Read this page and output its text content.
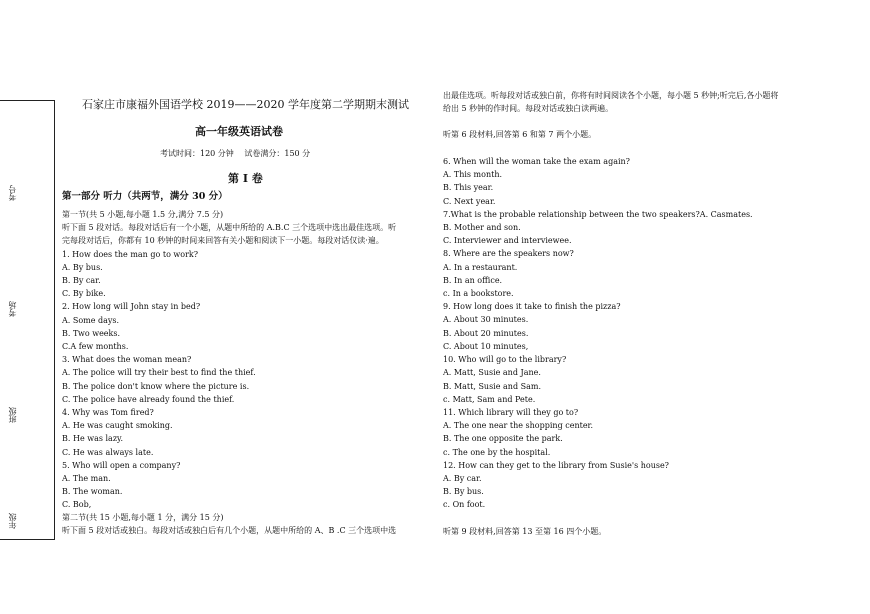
考号
考场
班级
年级
石家庄市康福外国语学校 2019——2020 学年度第二学期期末测试
高一年级英语试卷
考试时间：120 分钟　 试卷满分：150 分
第 I 卷
第一部分 听力（共两节，满分 30 分）
第一节(共 5 小题,每小题 1.5 分,满分 7.5 分)
听下面 5 段对话。每段对话后有一个小题，从题中所给的 A.B.C 三个选项中选出最佳选项。听
完每段对话后，你都有 10 秒钟的时间来回答有关小题和阅读下一小题。每段对话仅读·遍。
1. How does the man go to work?
A. By bus.
B. By car.
C. By bike.
2. How long will John stay in bed?
A. Some days.
B. Two weeks.
C.A few months.
3. What does the woman mean?
A. The police will try their best to find the thief.
B. The police don't know where the picture is.
C. The police have already found the thief.
4. Why was Tom fired?
A. He was caught smoking.
B. He was lazy.
C. He was always late.
5. Who will open a company?
A. The man.
B. The woman.
C. Bob,
第二节(共 15 小题,每小题 1 分，满分 15 分)
听下面 5 段对话或独白。每段对话或独白后有几个小题，从题中所给的 A、B .C 三个选项中选
出最佳选项。听每段对话或独白前，你将有时间阅读各个小题，每小题 5 秒钟;听完后,各小题将
给出 5 秒钟的作时间。每段对话或独白读两遍。
听第 6 段材料,回答第 6 和第 7 两个小题。
6. When will the woman take the exam again?
A. This month.
B. This year.
C. Next year.
7.What is the probable relationship between the two speakers?A. Casmates.
B. Mother and son.
C. Interviewer and interviewee.
8. Where are the speakers now?
A. In a restaurant.
B. In an office.
c. In a bookstore.
9. How long does it take to finish the pizza?
A. About 30 minutes.
B. About 20 minutes.
C. About 10 minutes,
10. Who will go to the library?
A. Matt, Susie and Jane.
B. Matt, Susie and Sam.
c. Matt, Sam and Pete.
11. Which library will they go to?
A. The one near the shopping center.
B. The one opposite the park.
c. The one by the hospital.
12. How can they get to the library from Susie's house?
A. By car.
B. By bus.
c. On foot.
听第 9 段材料,回答第 13 至第 16 四个小题。
